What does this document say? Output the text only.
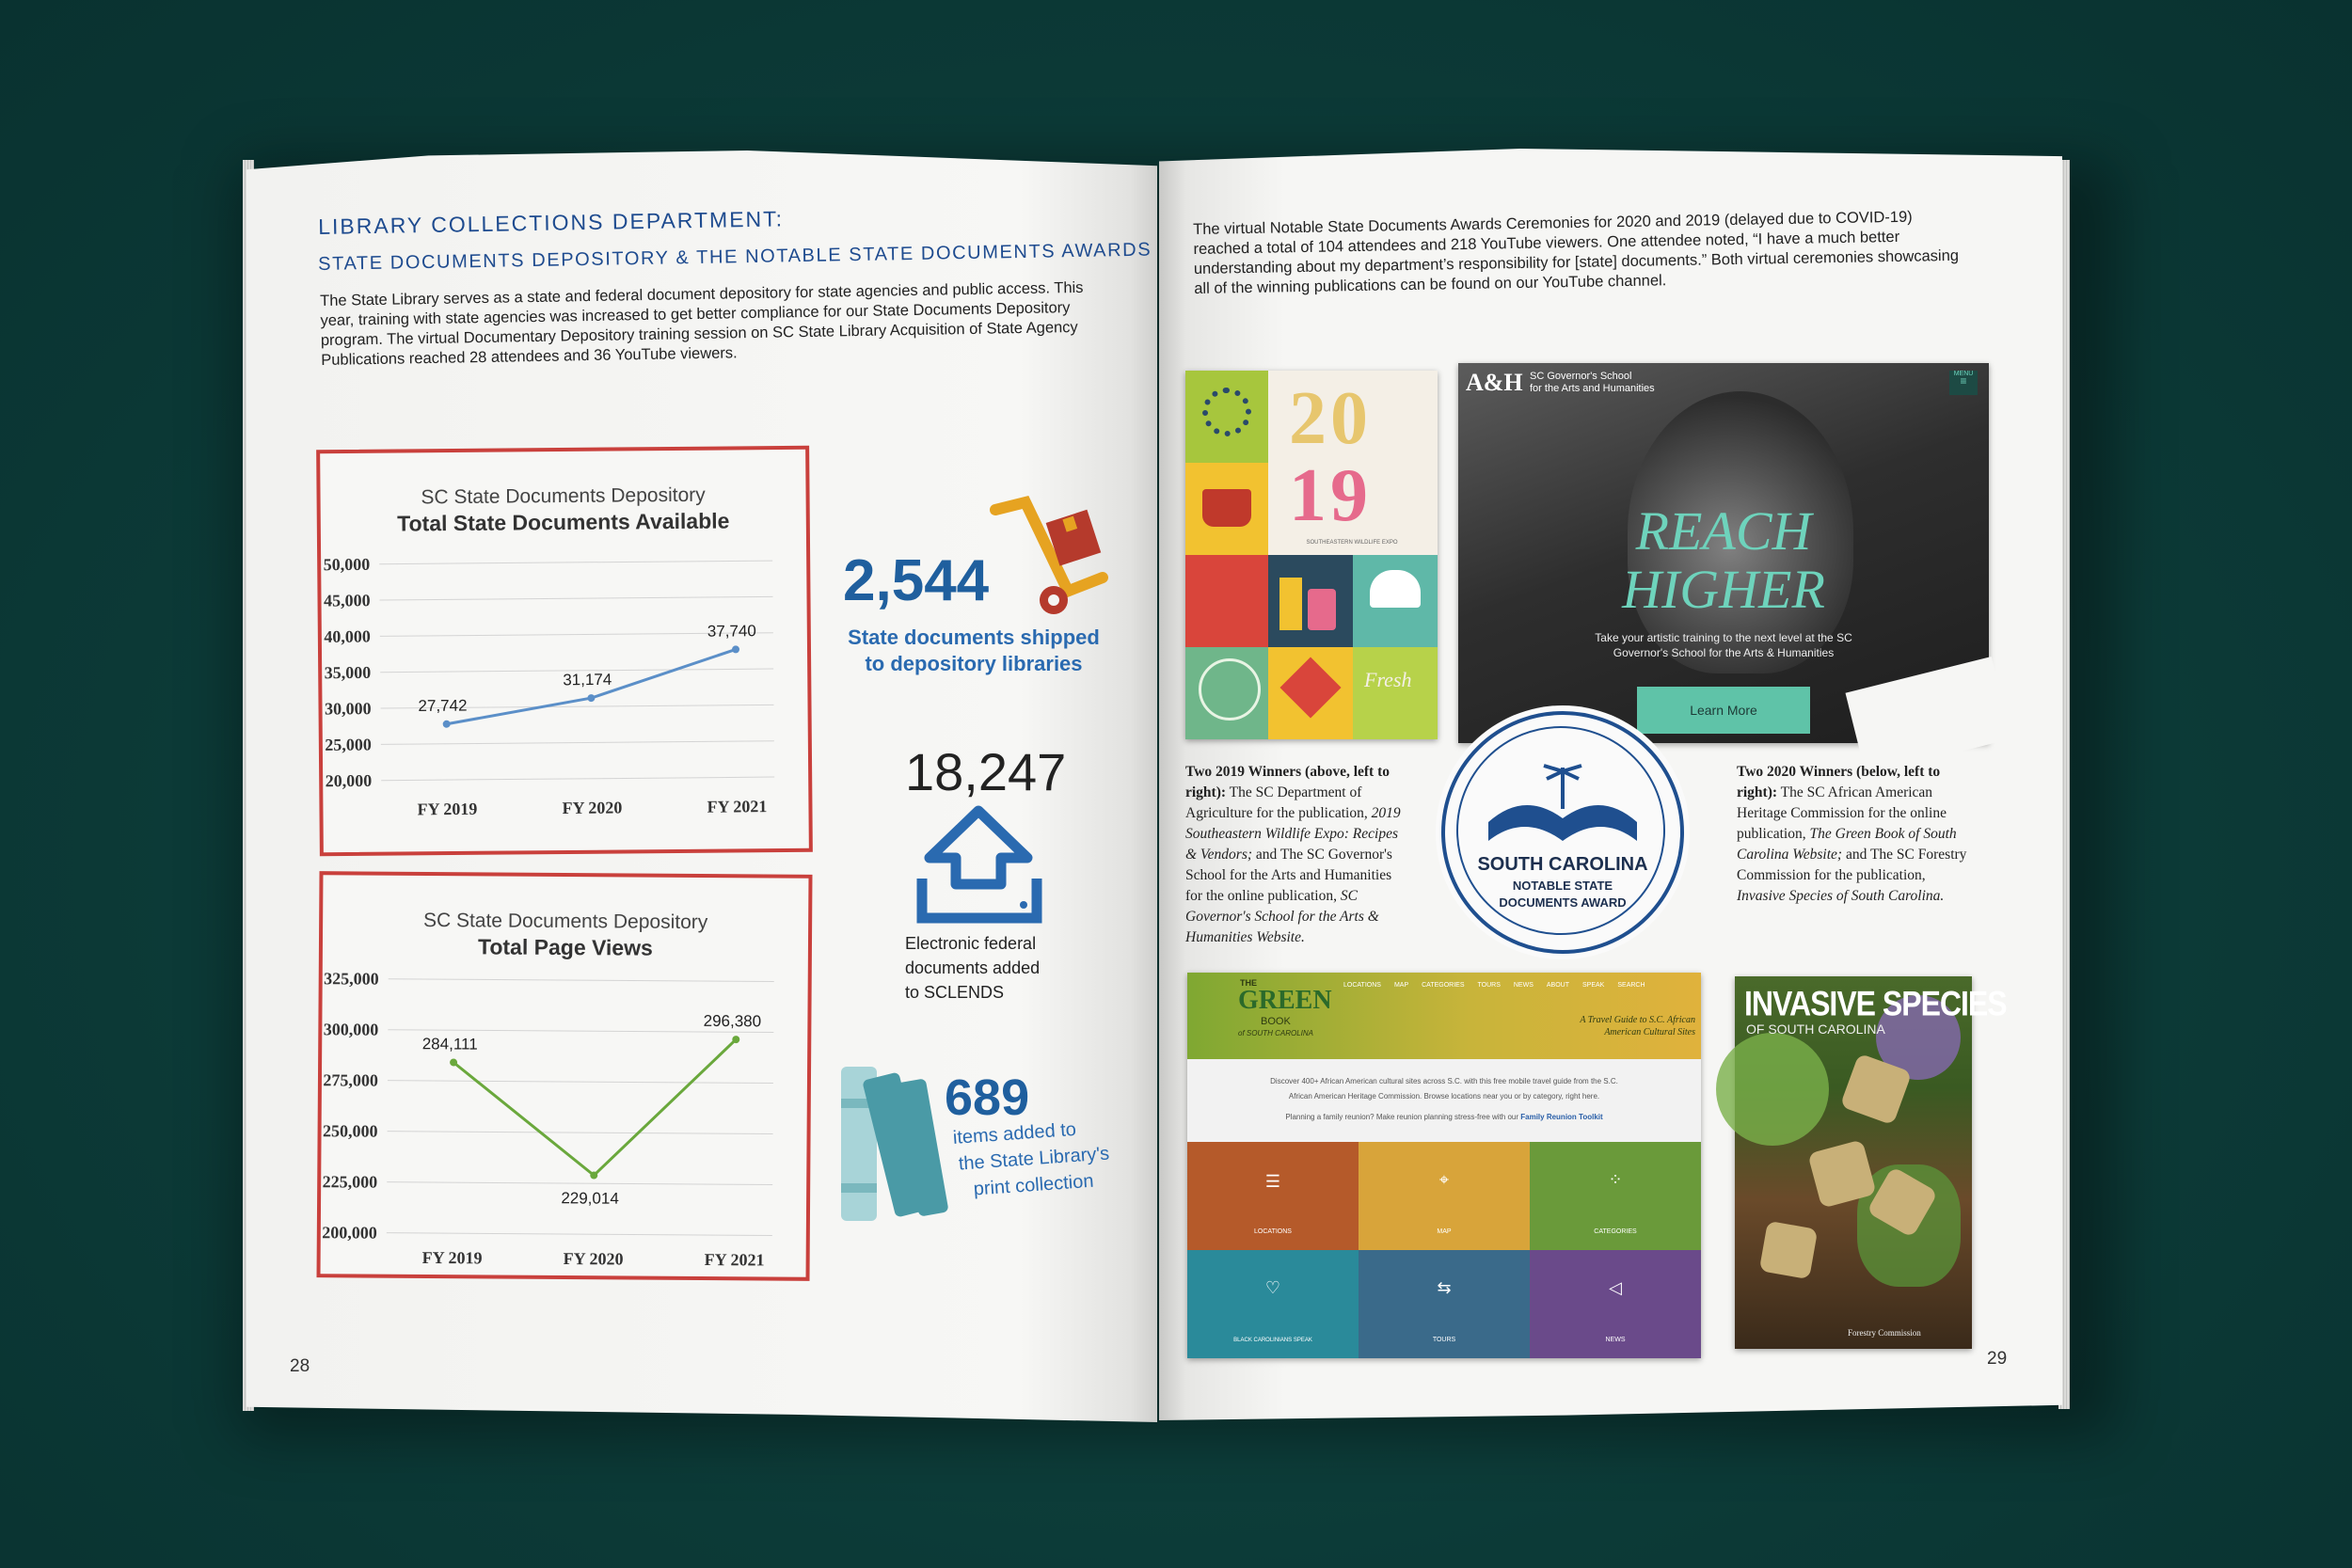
LIBRARY COLLECTIONS DEPARTMENT:
STATE DOCUMENTS DEPOSITORY & THE NOTABLE STATE DOCUMENTS AWARDS
The State Library serves as a state and federal document depository for state agencies and public access. This year, training with state agencies was increased to get better compliance for our State Documents Depository program. The virtual Documentary Depository training session on SC State Library Acquisition of State Agency Publications reached 28 attendees and 36 YouTube viewers.
SC State Documents Depository
Total State Documents Available
50,000
45,000
40,000
35,000
30,000
25,000
20,000
FY 2019	FY 2020	FY 2021
27,742
31,174
37,740
SC State Documents Depository
Total Page Views
325,000
300,000
275,000
250,000
225,000
200,000
FY 2019	FY 2020	FY 2021
284,111
229,014
296,380
2,544
State documents shipped
to depository libraries
18,247
Electronic federal
documents added
to SCLENDS
689
items added to
the State Library's
print collection
28
The virtual Notable State Documents Awards Ceremonies for 2020 and 2019 (delayed due to COVID-19) reached a total of 104 attendees and 218 YouTube viewers. One attendee noted, “I have a much better understanding about my department’s responsibility for [state] documents.” Both virtual ceremonies showcasing all of the winning publications can be found on our YouTube channel.
20
19
SOUTHEASTERN WILDLIFE EXPO
Fresh
A&H SC Governor's School
for the Arts and Humanities
MENU
≡
REACH
HIGHER
Take your artistic training to the next level at the SC
Governor's School for the Arts & Humanities
Learn More
SOUTH CAROLINA
NOTABLE STATE
DOCUMENTS AWARD
Two 2019 Winners (above, left to right): The SC Department of Agriculture for the publication, 2019 Southeastern Wildlife Expo: Recipes & Vendors; and The SC Governor's School for the Arts and Humanities for the online publication, SC Governor's School for the Arts & Humanities Website.
Two 2020 Winners (below, left to right): The SC African American Heritage Commission for the online publication, The Green Book of South Carolina Website; and The SC Forestry Commission for the publication, Invasive Species of South Carolina.
THE
GREEN
BOOK
of SOUTH CAROLINA
LOCATIONS MAP CATEGORIES TOURS NEWS ABOUT SPEAK SEARCH
A Travel Guide to S.C. African
American Cultural Sites
Discover 400+ African American cultural sites across S.C. with this free mobile travel guide from the S.C.
African American Heritage Commission. Browse locations near you or by category, right here.
Planning a family reunion? Make reunion planning stress-free with our Family Reunion Toolkit
LOCATIONS
☰
MAP
⌖
CATEGORIES
⁘
BLACK CAROLINIANS SPEAK
♡
TOURS
⇆
NEWS
◁
INVASIVE SPECIES
OF SOUTH CAROLINA
Forestry Commission
29
